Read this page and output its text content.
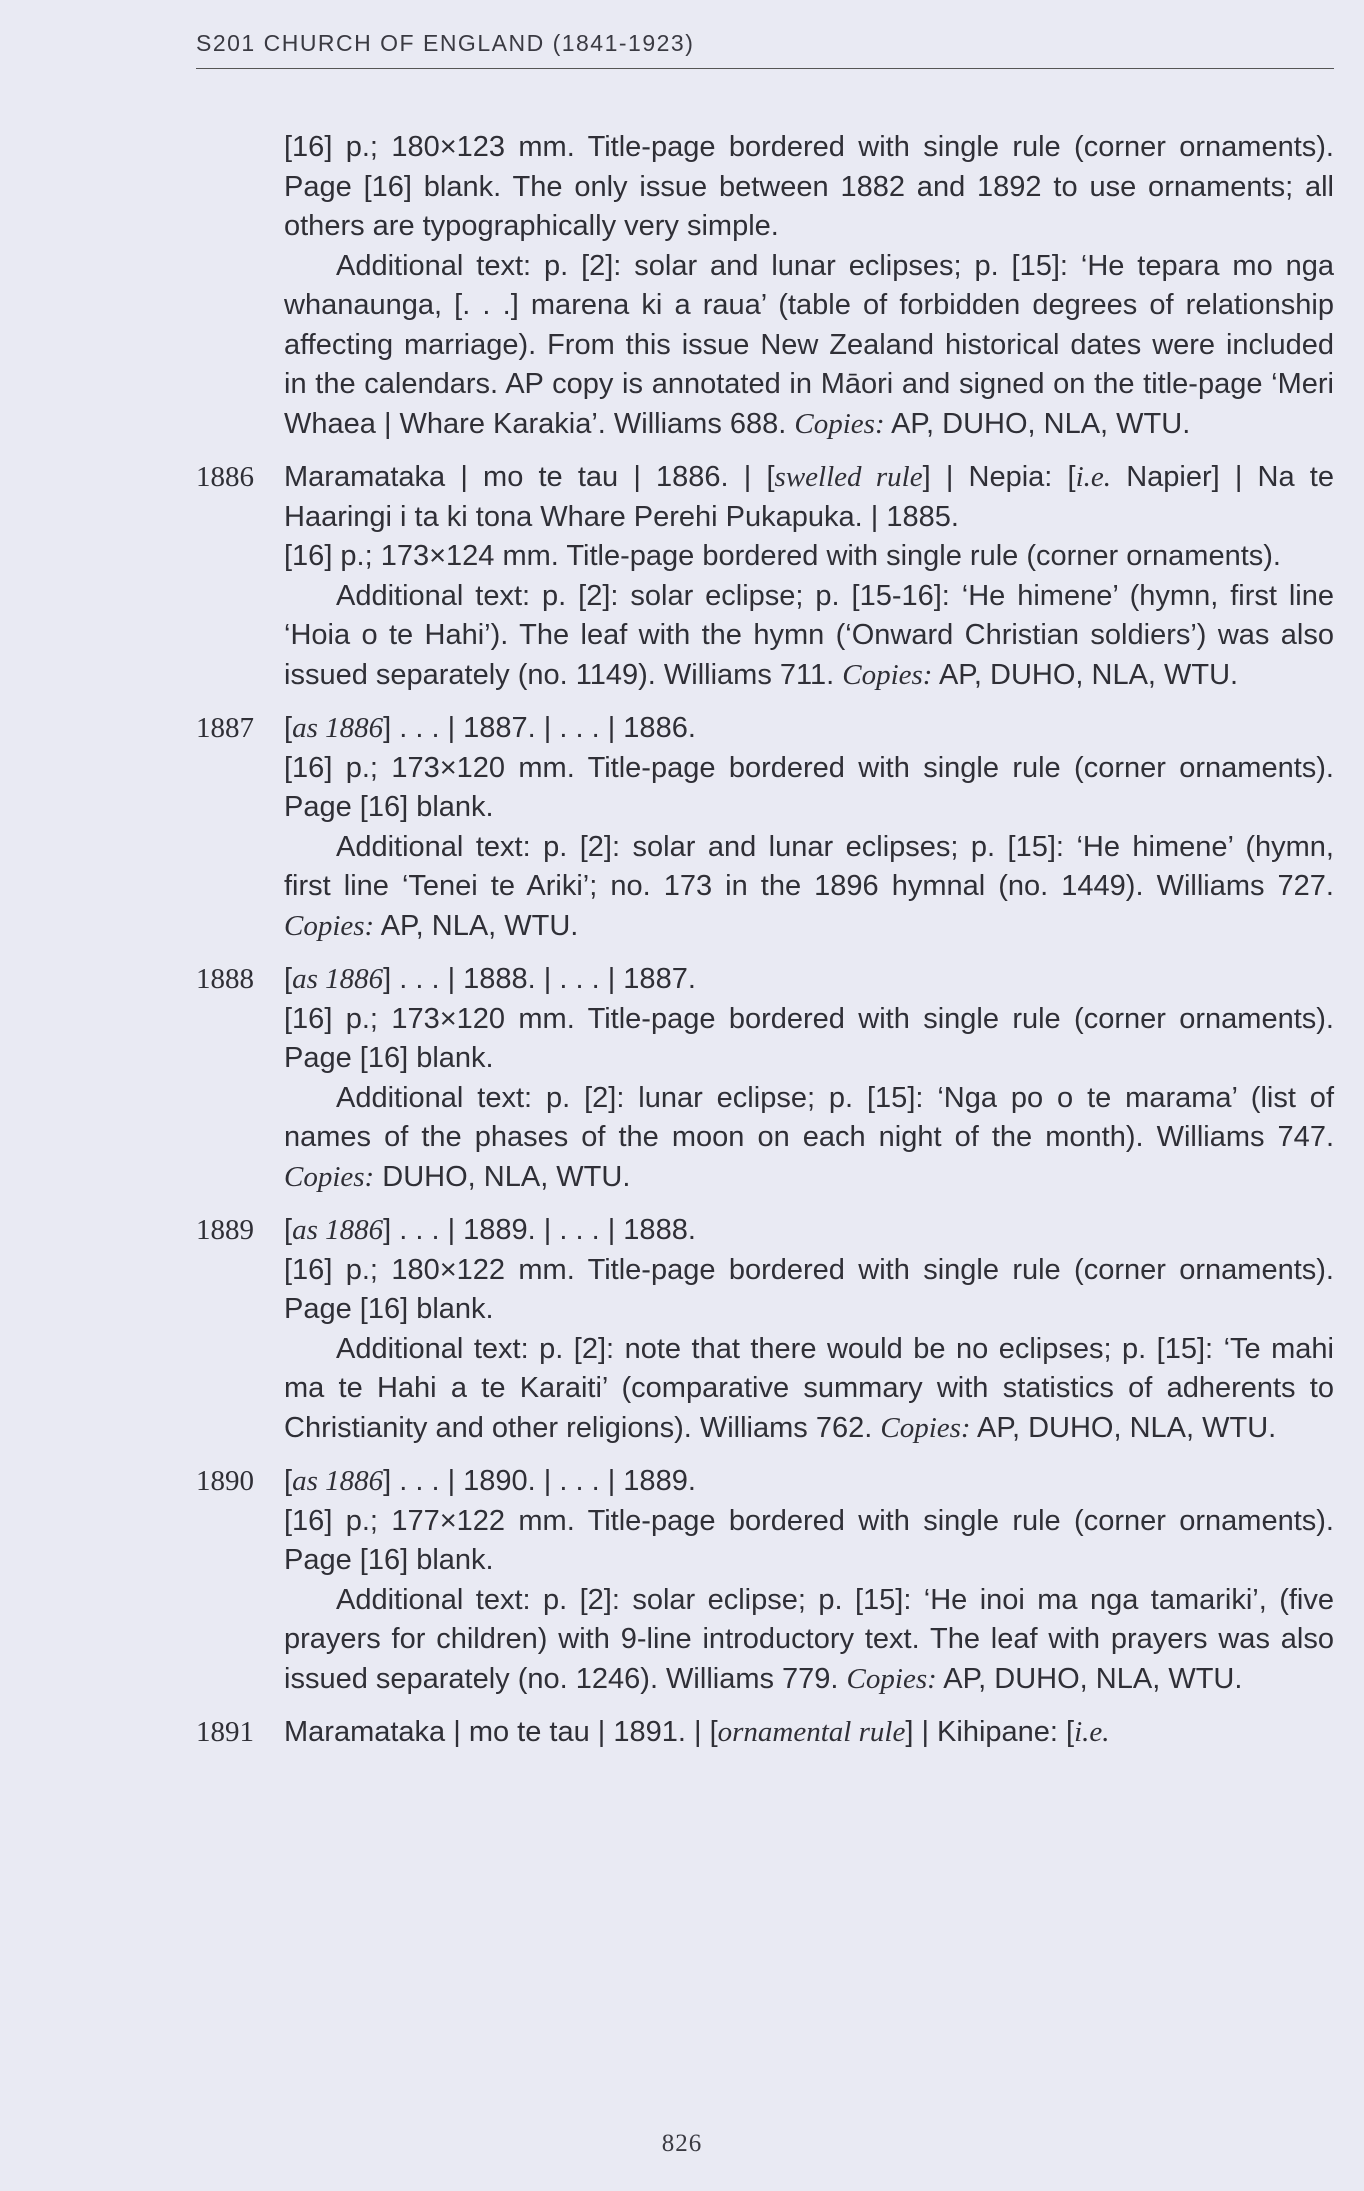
S201 CHURCH OF ENGLAND (1841-1923)

[16] p.; 180×123 mm. Title-page bordered with single rule (corner ornaments). Page [16] blank. The only issue between 1882 and 1892 to use ornaments; all others are typographically very simple.

Additional text: p. [2]: solar and lunar eclipses; p. [15]: ‘He tepara mo nga whanaunga, [. . .] marena ki a raua’ (table of forbidden degrees of relationship affecting marriage). From this issue New Zealand historical dates were included in the calendars. AP copy is annotated in Māori and signed on the title-page ‘Meri Whaea | Whare Karakia’. Williams 688. Copies: AP, DUHO, NLA, WTU.

1886	Maramataka | mo te tau | 1886. | [swelled rule] | Nepia: [i.e. Napier] | Na te Haaringi i ta ki tona Whare Perehi Pukapuka. | 1885.

[16] p.; 173×124 mm. Title-page bordered with single rule (corner ornaments).

Additional text: p. [2]: solar eclipse; p. [15-16]: ‘He himene’ (hymn, first line ‘Hoia o te Hahi’). The leaf with the hymn (‘Onward Christian soldiers’) was also issued separately (no. 1149). Williams 711. Copies: AP, DUHO, NLA, WTU.

1887	[as 1886] . . . | 1887. | . . . | 1886.

[16] p.; 173×120 mm. Title-page bordered with single rule (corner ornaments). Page [16] blank.

Additional text: p. [2]: solar and lunar eclipses; p. [15]: ‘He himene’ (hymn, first line ‘Tenei te Ariki’; no. 173 in the 1896 hymnal (no. 1449). Williams 727. Copies: AP, NLA, WTU.

1888	[as 1886] . . . | 1888. | . . . | 1887.

[16] p.; 173×120 mm. Title-page bordered with single rule (corner ornaments). Page [16] blank.

Additional text: p. [2]: lunar eclipse; p. [15]: ‘Nga po o te marama’ (list of names of the phases of the moon on each night of the month). Williams 747. Copies: DUHO, NLA, WTU.

1889	[as 1886] . . . | 1889. | . . . | 1888.

[16] p.; 180×122 mm. Title-page bordered with single rule (corner ornaments). Page [16] blank.

Additional text: p. [2]: note that there would be no eclipses; p. [15]: ‘Te mahi ma te Hahi a te Karaiti’ (comparative summary with statistics of adherents to Christianity and other religions). Williams 762. Copies: AP, DUHO, NLA, WTU.

1890	[as 1886] . . . | 1890. | . . . | 1889.

[16] p.; 177×122 mm. Title-page bordered with single rule (corner ornaments). Page [16] blank.

Additional text: p. [2]: solar eclipse; p. [15]: ‘He inoi ma nga tamariki’, (five prayers for children) with 9-line introductory text. The leaf with prayers was also issued separately (no. 1246). Williams 779. Copies: AP, DUHO, NLA, WTU.

1891	Maramataka | mo te tau | 1891. | [ornamental rule] | Kihipane: [i.e.

826
